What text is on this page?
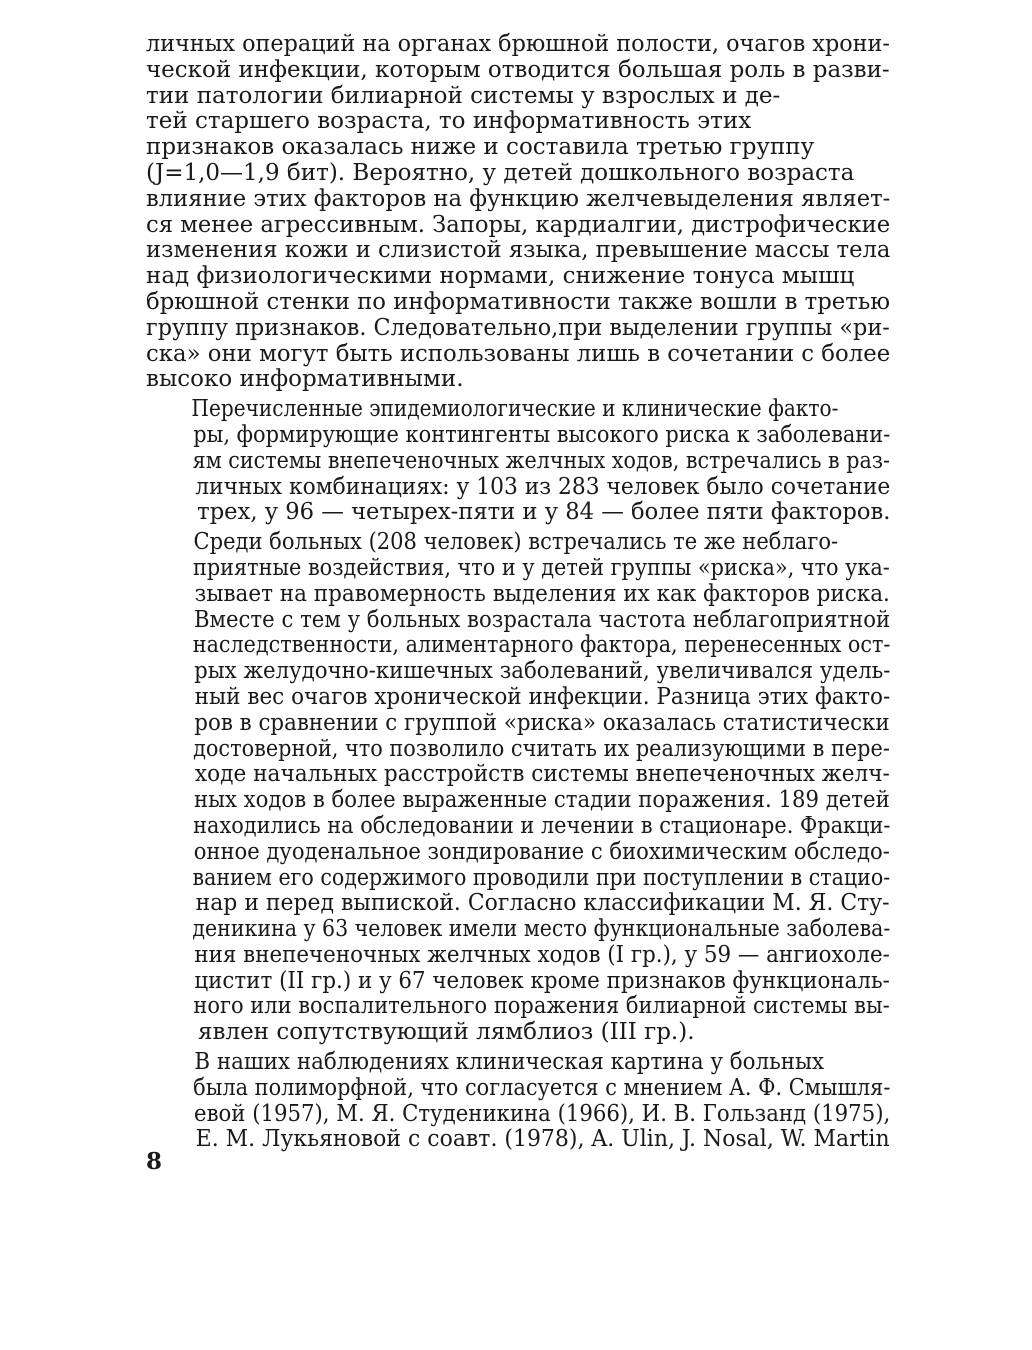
личных операций на органах брюшной полости, очагов хрони-
ческой инфекции, которым отводится большая роль в разви-
тии патологии билиарной системы у взрослых и де-
тей старшего возраста, то информативность этих
признаков оказалась ниже и составила третью группу
(J=1,0—1,9 бит). Вероятно, у детей дошкольного возраста
влияние этих факторов на функцию желчевыделения являет-
ся менее агрессивным. Запоры, кардиалгии, дистрофические
изменения кожи и слизистой языка, превышение массы тела
над физиологическими нормами, снижение тонуса мышц
брюшной стенки по информативности также вошли в третью
группу признаков. Следовательно,при выделении группы «ри-
ска» они могут быть использованы лишь в сочетании с более
высоко информативными.

Перечисленные эпидемиологические и клинические факто-
ры, формирующие контингенты высокого риска к заболевани-
ям системы внепеченочных желчных ходов, встречались в раз-
личных комбинациях: у 103 из 283 человек было сочетание
трех, у 96 — четырех-пяти и у 84 — более пяти факторов.

Среди больных (208 человек) встречались те же неблаго-
приятные воздействия, что и у детей группы «риска», что ука-
зывает на правомерность выделения их как факторов риска.
Вместе с тем у больных возрастала частота неблагоприятной
наследственности, алиментарного фактора, перенесенных ост-
рых желудочно-кишечных заболеваний, увеличивался удель-
ный вес очагов хронической инфекции. Разница этих факто-
ров в сравнении с группой «риска» оказалась статистически
достоверной, что позволило считать их реализующими в пере-
ходе начальных расстройств системы внепеченочных желч-
ных ходов в более выраженные стадии поражения. 189 детей
находились на обследовании и лечении в стационаре. Фракци-
онное дуоденальное зондирование с биохимическим обследо-
ванием его содержимого проводили при поступлении в стацио-
нар и перед выпиской. Согласно классификации М. Я. Сту-
деникина у 63 человек имели место функциональные заболева-
ния внепеченочных желчных ходов (I гр.), у 59 — ангиохоле-
цистит (II гр.) и у 67 человек кроме признаков функциональ-
ного или воспалительного поражения билиарной системы вы-
явлен сопутствующий лямблиоз (III гр.).

В наших наблюдениях клиническая картина у больных
была полиморфной, что согласуется с мнением А. Ф. Смышля-
евой (1957), М. Я. Студеникина (1966), И. В. Гользанд (1975),
Е. М. Лукьяновой с соавт. (1978), A. Ulin, J. Nosal, W. Martin

8
